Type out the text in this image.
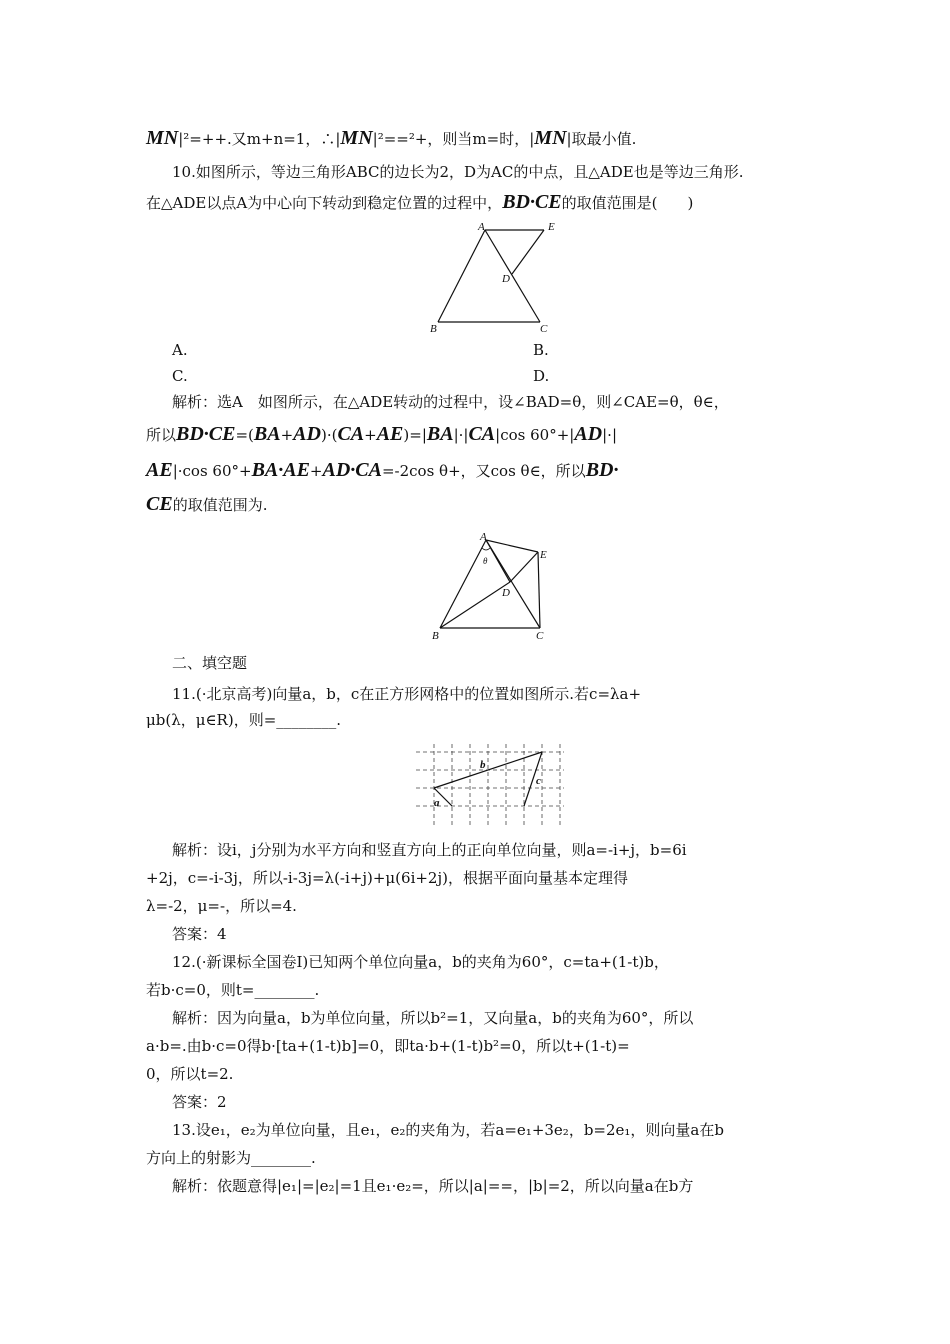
MN|²=++.又m+n=1，∴|MN|²==²+，则当m=时，|MN|取最小值.
10.如图所示，等边三角形ABC的边长为2，D为AC的中点，且△ADE也是等边三角形.
在△ADE以点A为中心向下转动到稳定位置的过程中，BD·CE的取值范围是(　　)
A
B	C
D
E
A.	B.
C.	D.
解析：选A　如图所示，在△ADE转动的过程中，设∠BAD=θ，则∠CAE=θ，θ∈，
所以BD·CE=(BA+AD)·(CA+AE)=|BA|·|CA|cos 60°+|AD|·|
AE|·cos 60°+BA·AE+AD·CA=-2cos θ+，又cos θ∈，所以BD·
CE的取值范围为.
A
B	C
D
E
θ
二、填空题
11.(·北京高考)向量a，b，c在正方形网格中的位置如图所示.若c=λa+
μb(λ，μ∈R)，则=________.
a
b
c
解析：设i，j分别为水平方向和竖直方向上的正向单位向量，则a=-i+j，b=6i
+2j，c=-i-3j，所以-i-3j=λ(-i+j)+μ(6i+2j)，根据平面向量基本定理得
λ=-2，μ=-，所以=4.
答案：4
12.(·新课标全国卷Ⅰ)已知两个单位向量a，b的夹角为60°，c=ta+(1-t)b，
若b·c=0，则t=________.
解析：因为向量a，b为单位向量，所以b²=1，又向量a，b的夹角为60°，所以
a·b=.由b·c=0得b·[ta+(1-t)b]=0，即ta·b+(1-t)b²=0，所以t+(1-t)=
0，所以t=2.
答案：2
13.设e₁，e₂为单位向量，且e₁，e₂的夹角为，若a=e₁+3e₂，b=2e₁，则向量a在b
方向上的射影为________.
解析：依题意得|e₁|=|e₂|=1且e₁·e₂=，所以|a|==，|b|=2，所以向量a在b方
